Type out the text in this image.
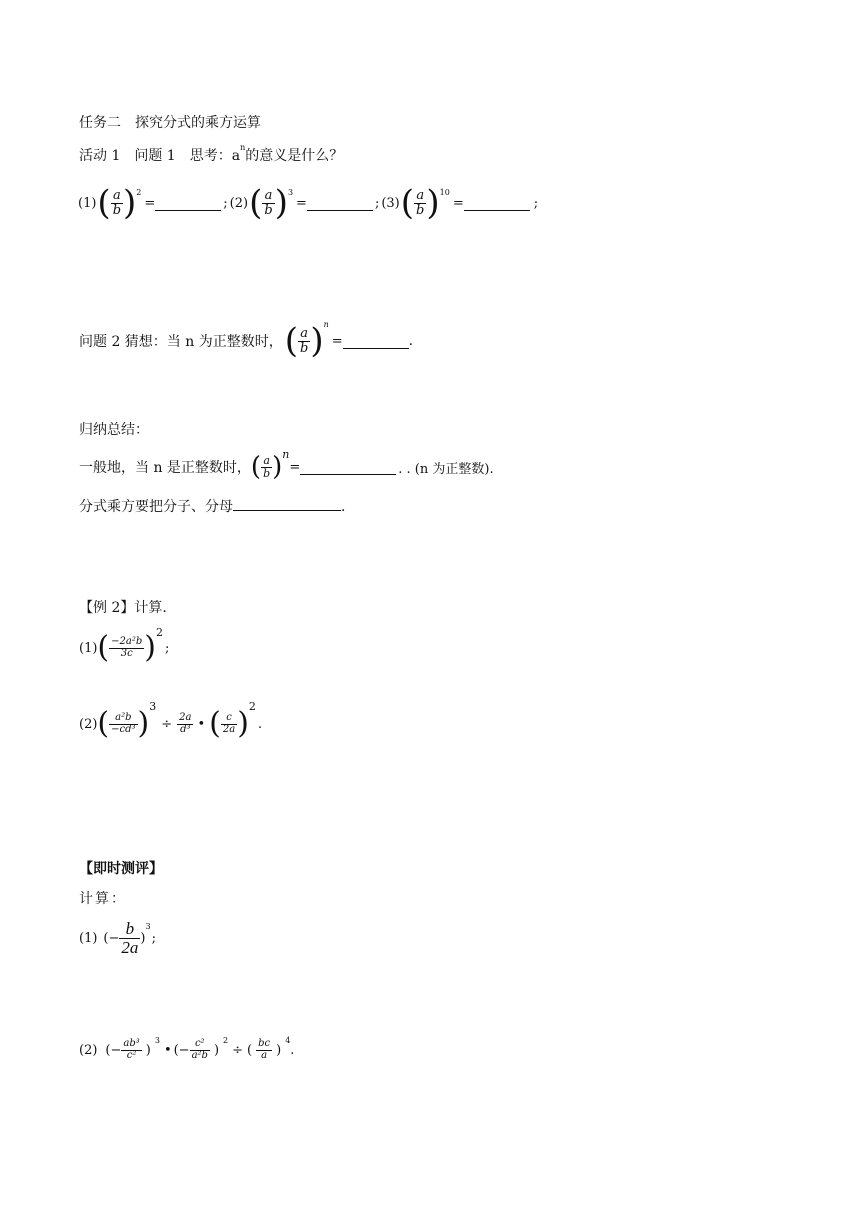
任务二　探究分式的乘方运算
活动 1　问题 1　思考：$a^n$的意义是什么？
(1) ( $\frac{a}{b} )^2$
=	; (2) ( $\frac{a}{b} )^3$
=	; (3) ( $\frac{a}{b} )^{10}$
=	;
问题 2 猜想：当 n 为正整数时， ( $\frac{a}{b} )^n$
=	.
归纳总结：
一般地，当 n 是正整数时， ( $\frac{a}{b} )^n$
=	. . (n 为正整数).
分式乘方要把分子、分母	.
【例 2】计算.
(1) ( $\frac{\text{−2a²b}}{3c} )^2$
;
(2) ( $\frac{\text{a²b}}{\text{−cd³}} )^3$
÷ $\frac{2a}{\text{d³}}$ • ( $\frac{c}{2a} )^2$
.
【即时测评】
计算：
(1) (− $\frac{b}{2a}$ )
$^3$
;
(2) (− $\frac{\text{ab³}}{\text{c²}}$ )
$^3$
• (− $\frac{\text{c²}}{\text{a²b}}$ )
$^2$
÷ ( $\frac{bc}{a}$ )
$^4$
.
